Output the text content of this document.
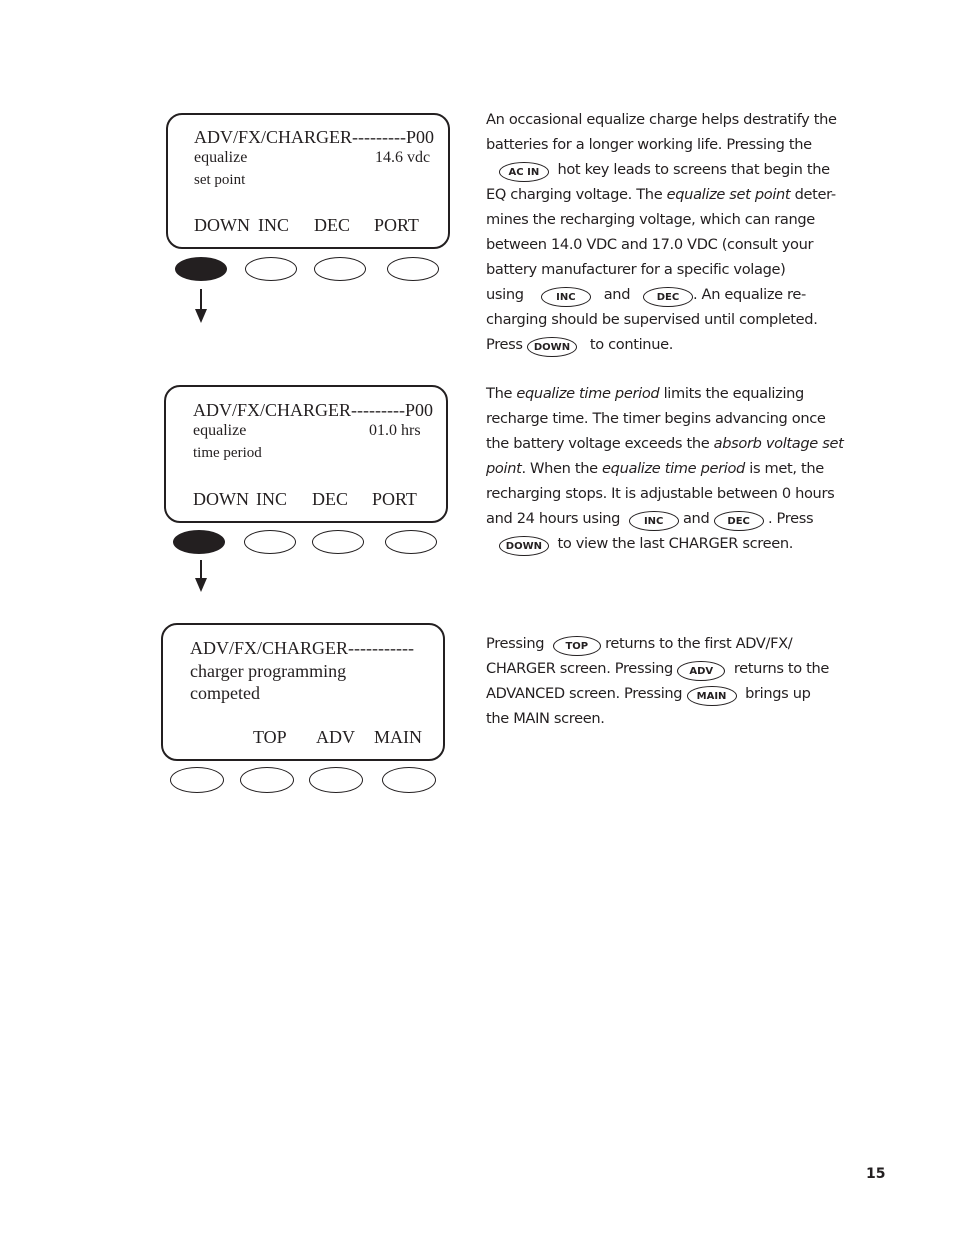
ADV/FX/CHARGER---------P00
equalize	14.6 vdc
set point
DOWN INC DEC PORT
ADV/FX/CHARGER---------P00
equalize	01.0 hrs
time period
DOWN INC DEC PORT
ADV/FX/CHARGER-----------
charger programming
competed
TOP ADV MAIN
An occasional equalize charge helps destratify the
batteries for a longer working life. Pressing the
AC IN hot key leads to screens that begin the
EQ charging voltage. The equalize set point deter-
mines the recharging voltage, which can range
between 14.0 VDC and 17.0 VDC (consult your
battery manufacturer for a specific volage)
using	INC and	DEC . An equalize re-
charging should be supervised until completed.
Press DOWN to continue.
The equalize time period limits the equalizing
recharge time. The timer begins advancing once
the battery voltage exceeds the absorb voltage set
point. When the equalize time period is met, the
recharging stops. It is adjustable between 0 hours
and 24 hours using INC and DEC . Press
DOWN to view the last CHARGER screen.
Pressing TOP returns to the first ADV/FX/
CHARGER screen. Pressing ADV returns to the
ADVANCED screen. Pressing MAIN brings up
the MAIN screen.
15
